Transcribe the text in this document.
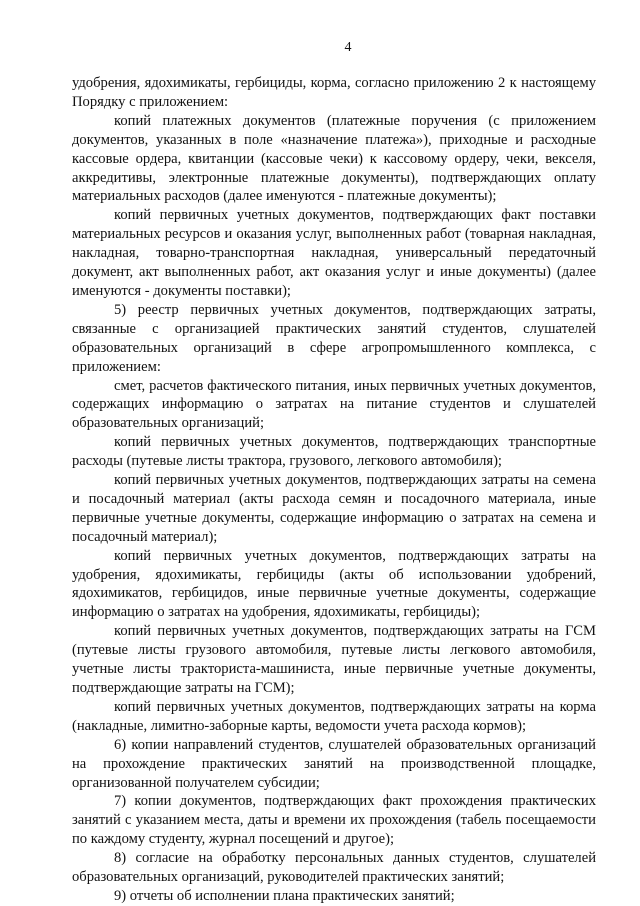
4

удобрения, ядохимикаты, гербициды, корма, согласно приложению 2 к настоящему Порядку с приложением:

копий платежных документов (платежные поручения (с приложением документов, указанных в поле «назначение платежа»), приходные и расходные кассовые ордера, квитанции (кассовые чеки) к кассовому ордеру, чеки, векселя, аккредитивы, электронные платежные документы), подтверждающих оплату материальных расходов (далее именуются - платежные документы);

копий первичных учетных документов, подтверждающих факт поставки материальных ресурсов и оказания услуг, выполненных работ (товарная накладная, накладная, товарно-транспортная накладная, универсальный передаточный документ, акт выполненных работ, акт оказания услуг и иные документы) (далее именуются - документы поставки);

5) реестр первичных учетных документов, подтверждающих затраты, связанные с организацией практических занятий студентов, слушателей образовательных организаций в сфере агропромышленного комплекса, с приложением:

смет, расчетов фактического питания, иных первичных учетных документов, содержащих информацию о затратах на питание студентов и слушателей образовательных организаций;

копий первичных учетных документов, подтверждающих транспортные расходы (путевые листы трактора, грузового, легкового автомобиля);

копий первичных учетных документов, подтверждающих затраты на семена и посадочный материал (акты расхода семян и посадочного материала, иные первичные учетные документы, содержащие информацию о затратах на семена и посадочный материал);

копий первичных учетных документов, подтверждающих затраты на удобрения, ядохимикаты, гербициды (акты об использовании удобрений, ядохимикатов, гербицидов, иные первичные учетные документы, содержащие информацию о затратах на удобрения, ядохимикаты, гербициды);

копий первичных учетных документов, подтверждающих затраты на ГСМ (путевые листы грузового автомобиля, путевые листы легкового автомобиля, учетные листы тракториста-машиниста, иные первичные учетные документы, подтверждающие затраты на ГСМ);

копий первичных учетных документов, подтверждающих затраты на корма (накладные, лимитно-заборные карты, ведомости учета расхода кормов);

6) копии направлений студентов, слушателей образовательных организаций на прохождение практических занятий на производственной площадке, организованной получателем субсидии;

7) копии документов, подтверждающих факт прохождения практических занятий с указанием места, даты и времени их прохождения (табель посещаемости по каждому студенту, журнал посещений и другое);

8) согласие на обработку персональных данных студентов, слушателей образовательных организаций, руководителей практических занятий;

9) отчеты об исполнении плана практических занятий;
